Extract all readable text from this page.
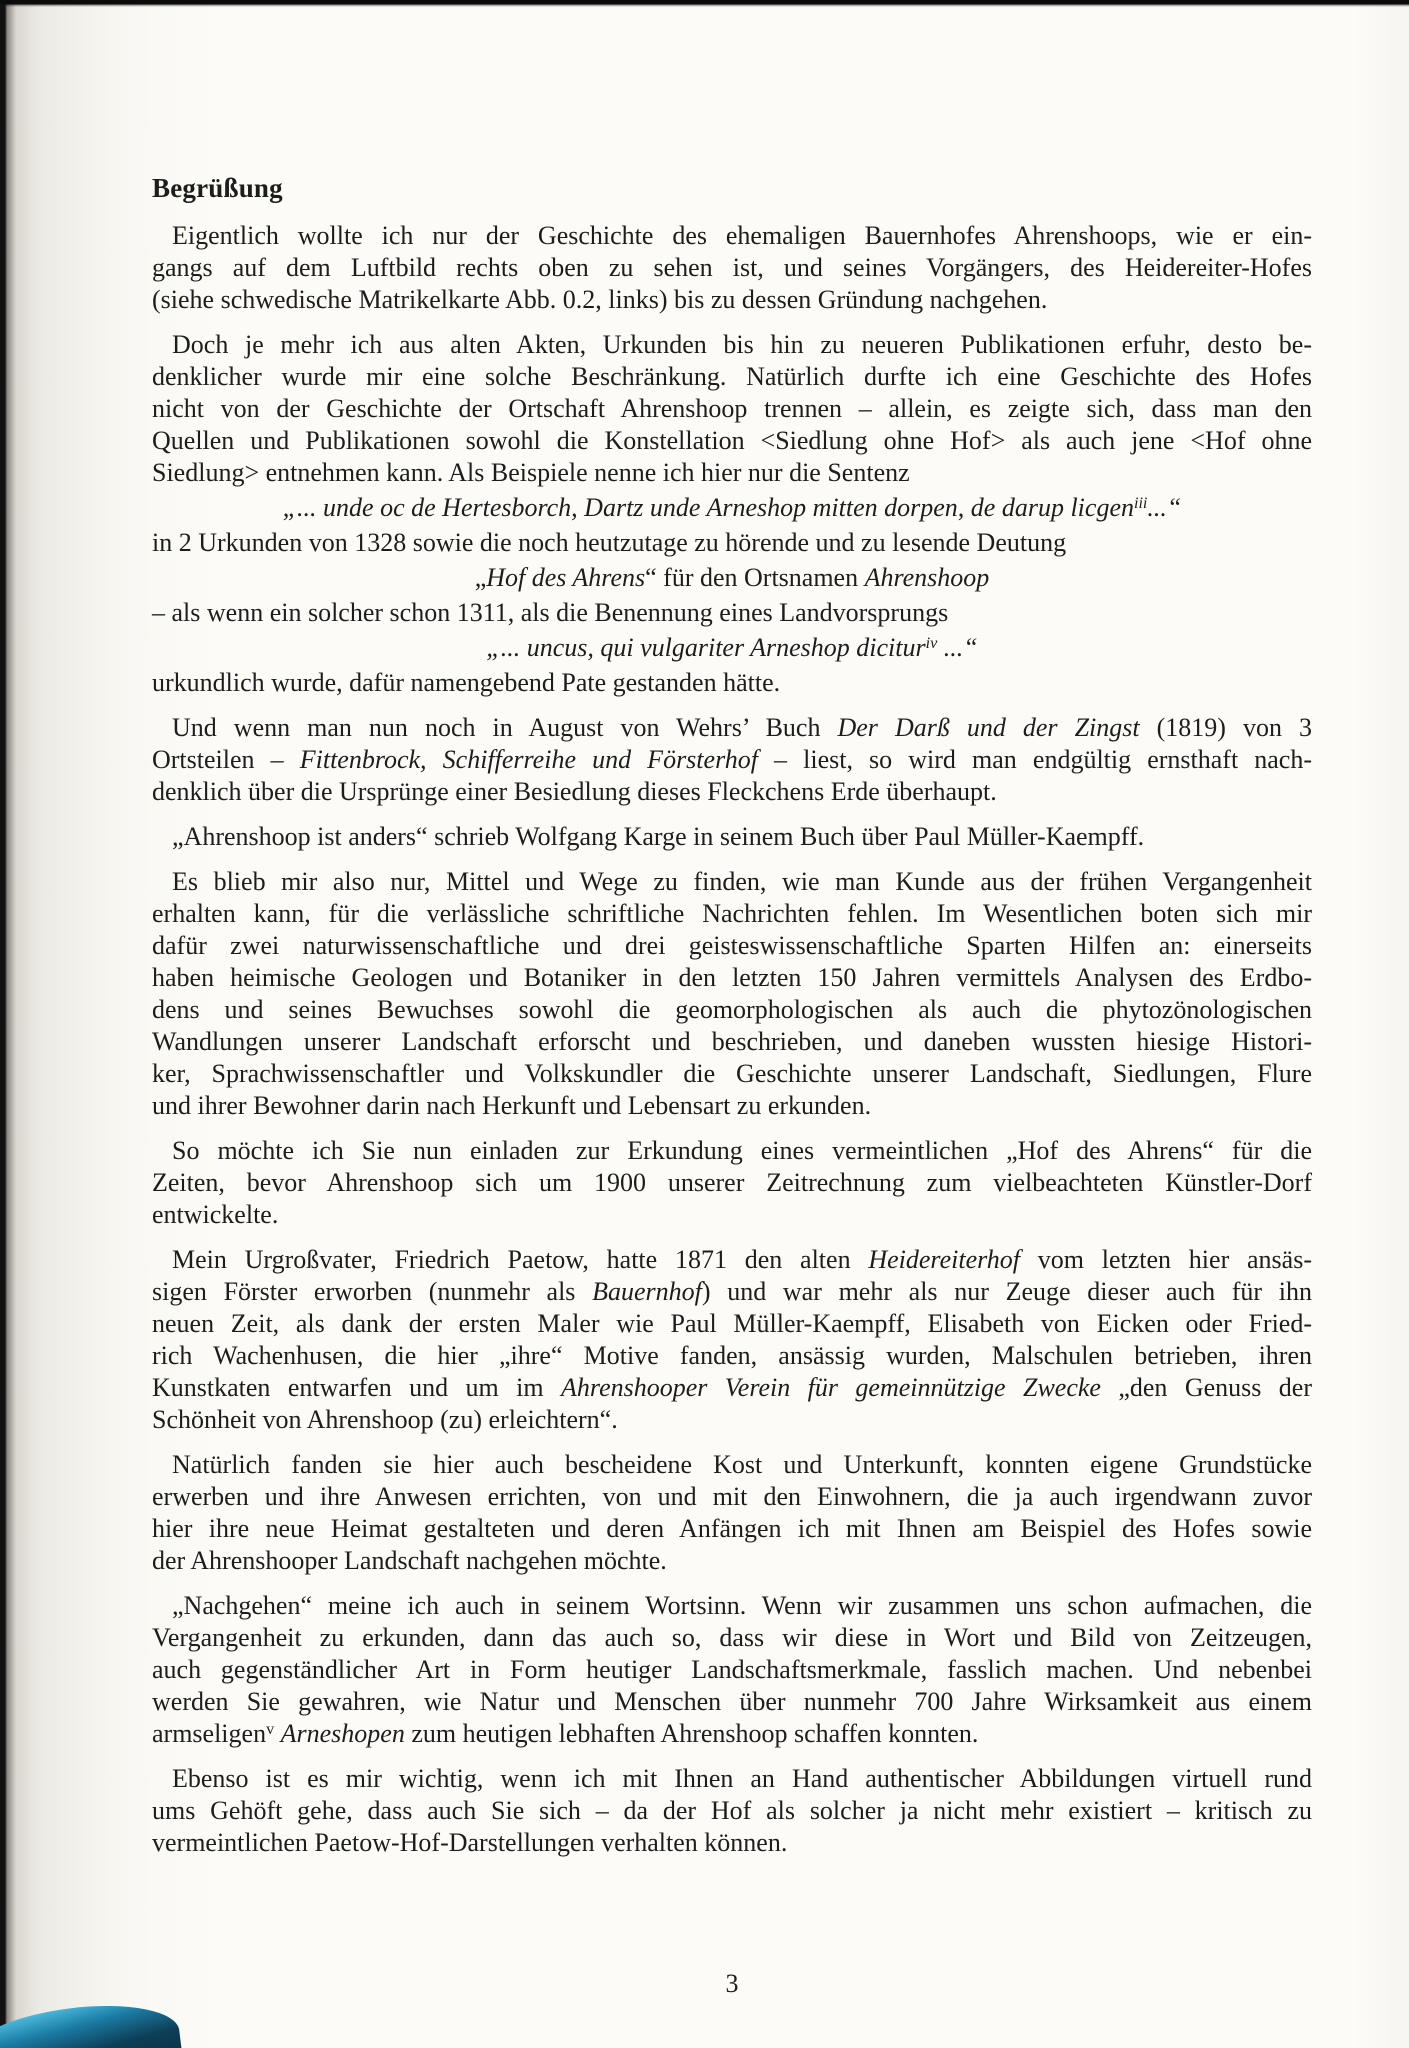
Begrüßung
Eigentlich wollte ich nur der Geschichte des ehemaligen Bauernhofes Ahrenshoops, wie er ein-
gangs auf dem Luftbild rechts oben zu sehen ist, und seines Vorgängers, des Heidereiter-Hofes
(siehe schwedische Matrikelkarte Abb. 0.2, links) bis zu dessen Gründung nachgehen.
Doch je mehr ich aus alten Akten, Urkunden bis hin zu neueren Publikationen erfuhr, desto be-
denklicher wurde mir eine solche Beschränkung. Natürlich durfte ich eine Geschichte des Hofes
nicht von der Geschichte der Ortschaft Ahrenshoop trennen – allein, es zeigte sich, dass man den
Quellen und Publikationen sowohl die Konstellation <Siedlung ohne Hof> als auch jene <Hof ohne
Siedlung> entnehmen kann. Als Beispiele nenne ich hier nur die Sentenz
„... unde oc de Hertesborch, Dartz unde Arneshop mitten dorpen, de darup licgen$^{iii}$...“
in 2 Urkunden von 1328 sowie die noch heutzutage zu hörende und zu lesende Deutung
„Hof des Ahrens“ für den Ortsnamen Ahrenshoop
– als wenn ein solcher schon 1311, als die Benennung eines Landvorsprungs
„... uncus, qui vulgariter Arneshop dicitur$^{iv}$ ...“
urkundlich wurde, dafür namengebend Pate gestanden hätte.
Und wenn man nun noch in August von Wehrs’ Buch Der Darß und der Zingst (1819) von 3
Ortsteilen – Fittenbrock, Schifferreihe und Försterhof – liest, so wird man endgültig ernsthaft nach-
denklich über die Ursprünge einer Besiedlung dieses Fleckchens Erde überhaupt.
„Ahrenshoop ist anders“ schrieb Wolfgang Karge in seinem Buch über Paul Müller-Kaempff.
Es blieb mir also nur, Mittel und Wege zu finden, wie man Kunde aus der frühen Vergangenheit
erhalten kann, für die verlässliche schriftliche Nachrichten fehlen. Im Wesentlichen boten sich mir
dafür zwei naturwissenschaftliche und drei geisteswissenschaftliche Sparten Hilfen an: einerseits
haben heimische Geologen und Botaniker in den letzten 150 Jahren vermittels Analysen des Erdbo-
dens und seines Bewuchses sowohl die geomorphologischen als auch die phytozönologischen
Wandlungen unserer Landschaft erforscht und beschrieben, und daneben wussten hiesige Histori-
ker, Sprachwissenschaftler und Volkskundler die Geschichte unserer Landschaft, Siedlungen, Flure
und ihrer Bewohner darin nach Herkunft und Lebensart zu erkunden.
So möchte ich Sie nun einladen zur Erkundung eines vermeintlichen „Hof des Ahrens“ für die
Zeiten, bevor Ahrenshoop sich um 1900 unserer Zeitrechnung zum vielbeachteten Künstler-Dorf
entwickelte.
Mein Urgroßvater, Friedrich Paetow, hatte 1871 den alten Heidereiterhof vom letzten hier ansäs-
sigen Förster erworben (nunmehr als Bauernhof) und war mehr als nur Zeuge dieser auch für ihn
neuen Zeit, als dank der ersten Maler wie Paul Müller-Kaempff, Elisabeth von Eicken oder Fried-
rich Wachenhusen, die hier „ihre“ Motive fanden, ansässig wurden, Malschulen betrieben, ihren
Kunstkaten entwarfen und um im Ahrenshooper Verein für gemeinnützige Zwecke „den Genuss der
Schönheit von Ahrenshoop (zu) erleichtern“.
Natürlich fanden sie hier auch bescheidene Kost und Unterkunft, konnten eigene Grundstücke
erwerben und ihre Anwesen errichten, von und mit den Einwohnern, die ja auch irgendwann zuvor
hier ihre neue Heimat gestalteten und deren Anfängen ich mit Ihnen am Beispiel des Hofes sowie
der Ahrenshooper Landschaft nachgehen möchte.
„Nachgehen“ meine ich auch in seinem Wortsinn. Wenn wir zusammen uns schon aufmachen, die
Vergangenheit zu erkunden, dann das auch so, dass wir diese in Wort und Bild von Zeitzeugen,
auch gegenständlicher Art in Form heutiger Landschaftsmerkmale, fasslich machen. Und nebenbei
werden Sie gewahren, wie Natur und Menschen über nunmehr 700 Jahre Wirksamkeit aus einem
armseligen$^v$ Arneshopen zum heutigen lebhaften Ahrenshoop schaffen konnten.
Ebenso ist es mir wichtig, wenn ich mit Ihnen an Hand authentischer Abbildungen virtuell rund
ums Gehöft gehe, dass auch Sie sich – da der Hof als solcher ja nicht mehr existiert – kritisch zu
vermeintlichen Paetow-Hof-Darstellungen verhalten können.
3
